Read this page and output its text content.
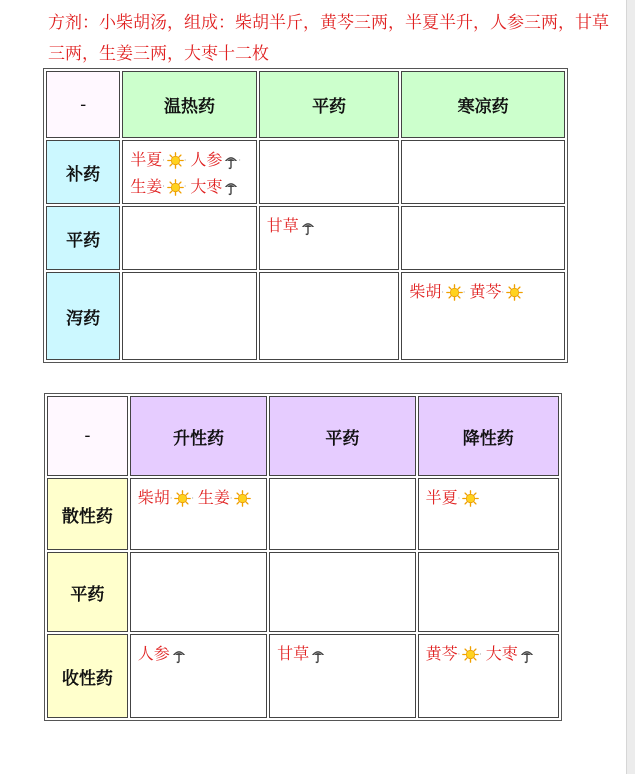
方剂：小柴胡汤，组成：柴胡半斤，黄芩三两，半夏半升，人参三两，甘草三两，生姜三两，大枣十二枚
-	温热药	平药	寒凉药
补药	半夏· · 人参 ·生姜· · 大枣		
平药		甘草	
泻药			柴胡· · 黄芩·
-	升性药	平药	降性药
散性药	柴胡· · 生姜·		半夏·
平药			
收性药	人参	甘草	黄芩· · 大枣
